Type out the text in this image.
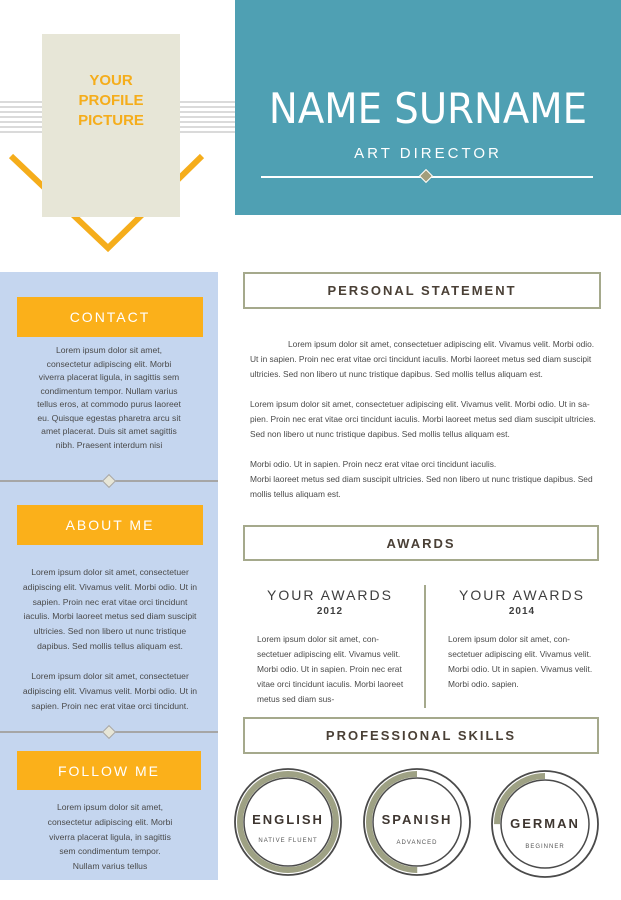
YOUR PROFILE PICTURE	NAME SURNAME
ART DIRECTOR
CONTACT
Lorem ipsum dolor sit amet, consectetur adipiscing elit. Morbi viverra placerat ligula, in sagittis sem condimentum tempor. Nullam varius tellus eros, at commodo purus laoreet eu. Quisque egestas pharetra arcu sit amet placerat. Duis sit amet sagittis nibh. Praesent interdum nisi
ABOUT ME
Lorem ipsum dolor sit amet, consectetuer adipiscing elit. Vivamus velit. Morbi odio. Ut in sapien. Proin nec erat vitae orci tincidunt iaculis. Morbi laoreet metus sed diam suscipit ultricies. Sed non libero ut nunc tristique dapibus. Sed mollis tellus aliquam est.
Lorem ipsum dolor sit amet, consectetuer adipiscing elit. Vivamus velit. Morbi odio. Ut in sapien. Proin nec erat vitae orci tincidunt.
FOLLOW ME
Lorem ipsum dolor sit amet, consectetur adipiscing elit. Morbi viverra placerat ligula, in sagittis sem condimentum tempor. Nullam varius tellus
PERSONAL STATEMENT
Lorem ipsum dolor sit amet, consectetuer adipiscing elit. Vivamus velit. Morbi odio. Ut in sapien. Proin nec erat vitae orci tincidunt iaculis. Morbi laoreet metus sed diam suscipit ultricies. Sed non libero ut nunc tristique dapibus. Sed mollis tellus aliquam est.
Lorem ipsum dolor sit amet, consectetuer adipiscing elit. Vivamus velit. Morbi odio. Ut in sa-pien. Proin nec erat vitae orci tincidunt iaculis. Morbi laoreet metus sed diam suscipit ultricies. Sed non libero ut nunc tristique dapibus. Sed mollis tellus aliquam est.
Morbi odio. Ut in sapien. Proin necz erat vitae orci tincidunt iaculis.
Morbi laoreet metus sed diam suscipit ultricies. Sed non libero ut nunc tristique dapibus. Sed mollis tellus aliquam est.
AWARDS
YOUR AWARDS
2012
Lorem ipsum dolor sit amet, con-sectetuer adipiscing elit. Vivamus velit. Morbi odio. Ut in sapien. Proin nec erat vitae orci tincidunt iaculis. Morbi laoreet metus sed diam sus-
YOUR AWARDS
2014
Lorem ipsum dolor sit amet, con-sectetuer adipiscing elit. Vivamus velit. Morbi odio. Ut in sapien. Vivamus velit. Morbi odio. sapien.
PROFESSIONAL SKILLS
ENGLISH
NATIVE FLUENT
SPANISH
ADVANCED
GERMAN
BEGINNER
